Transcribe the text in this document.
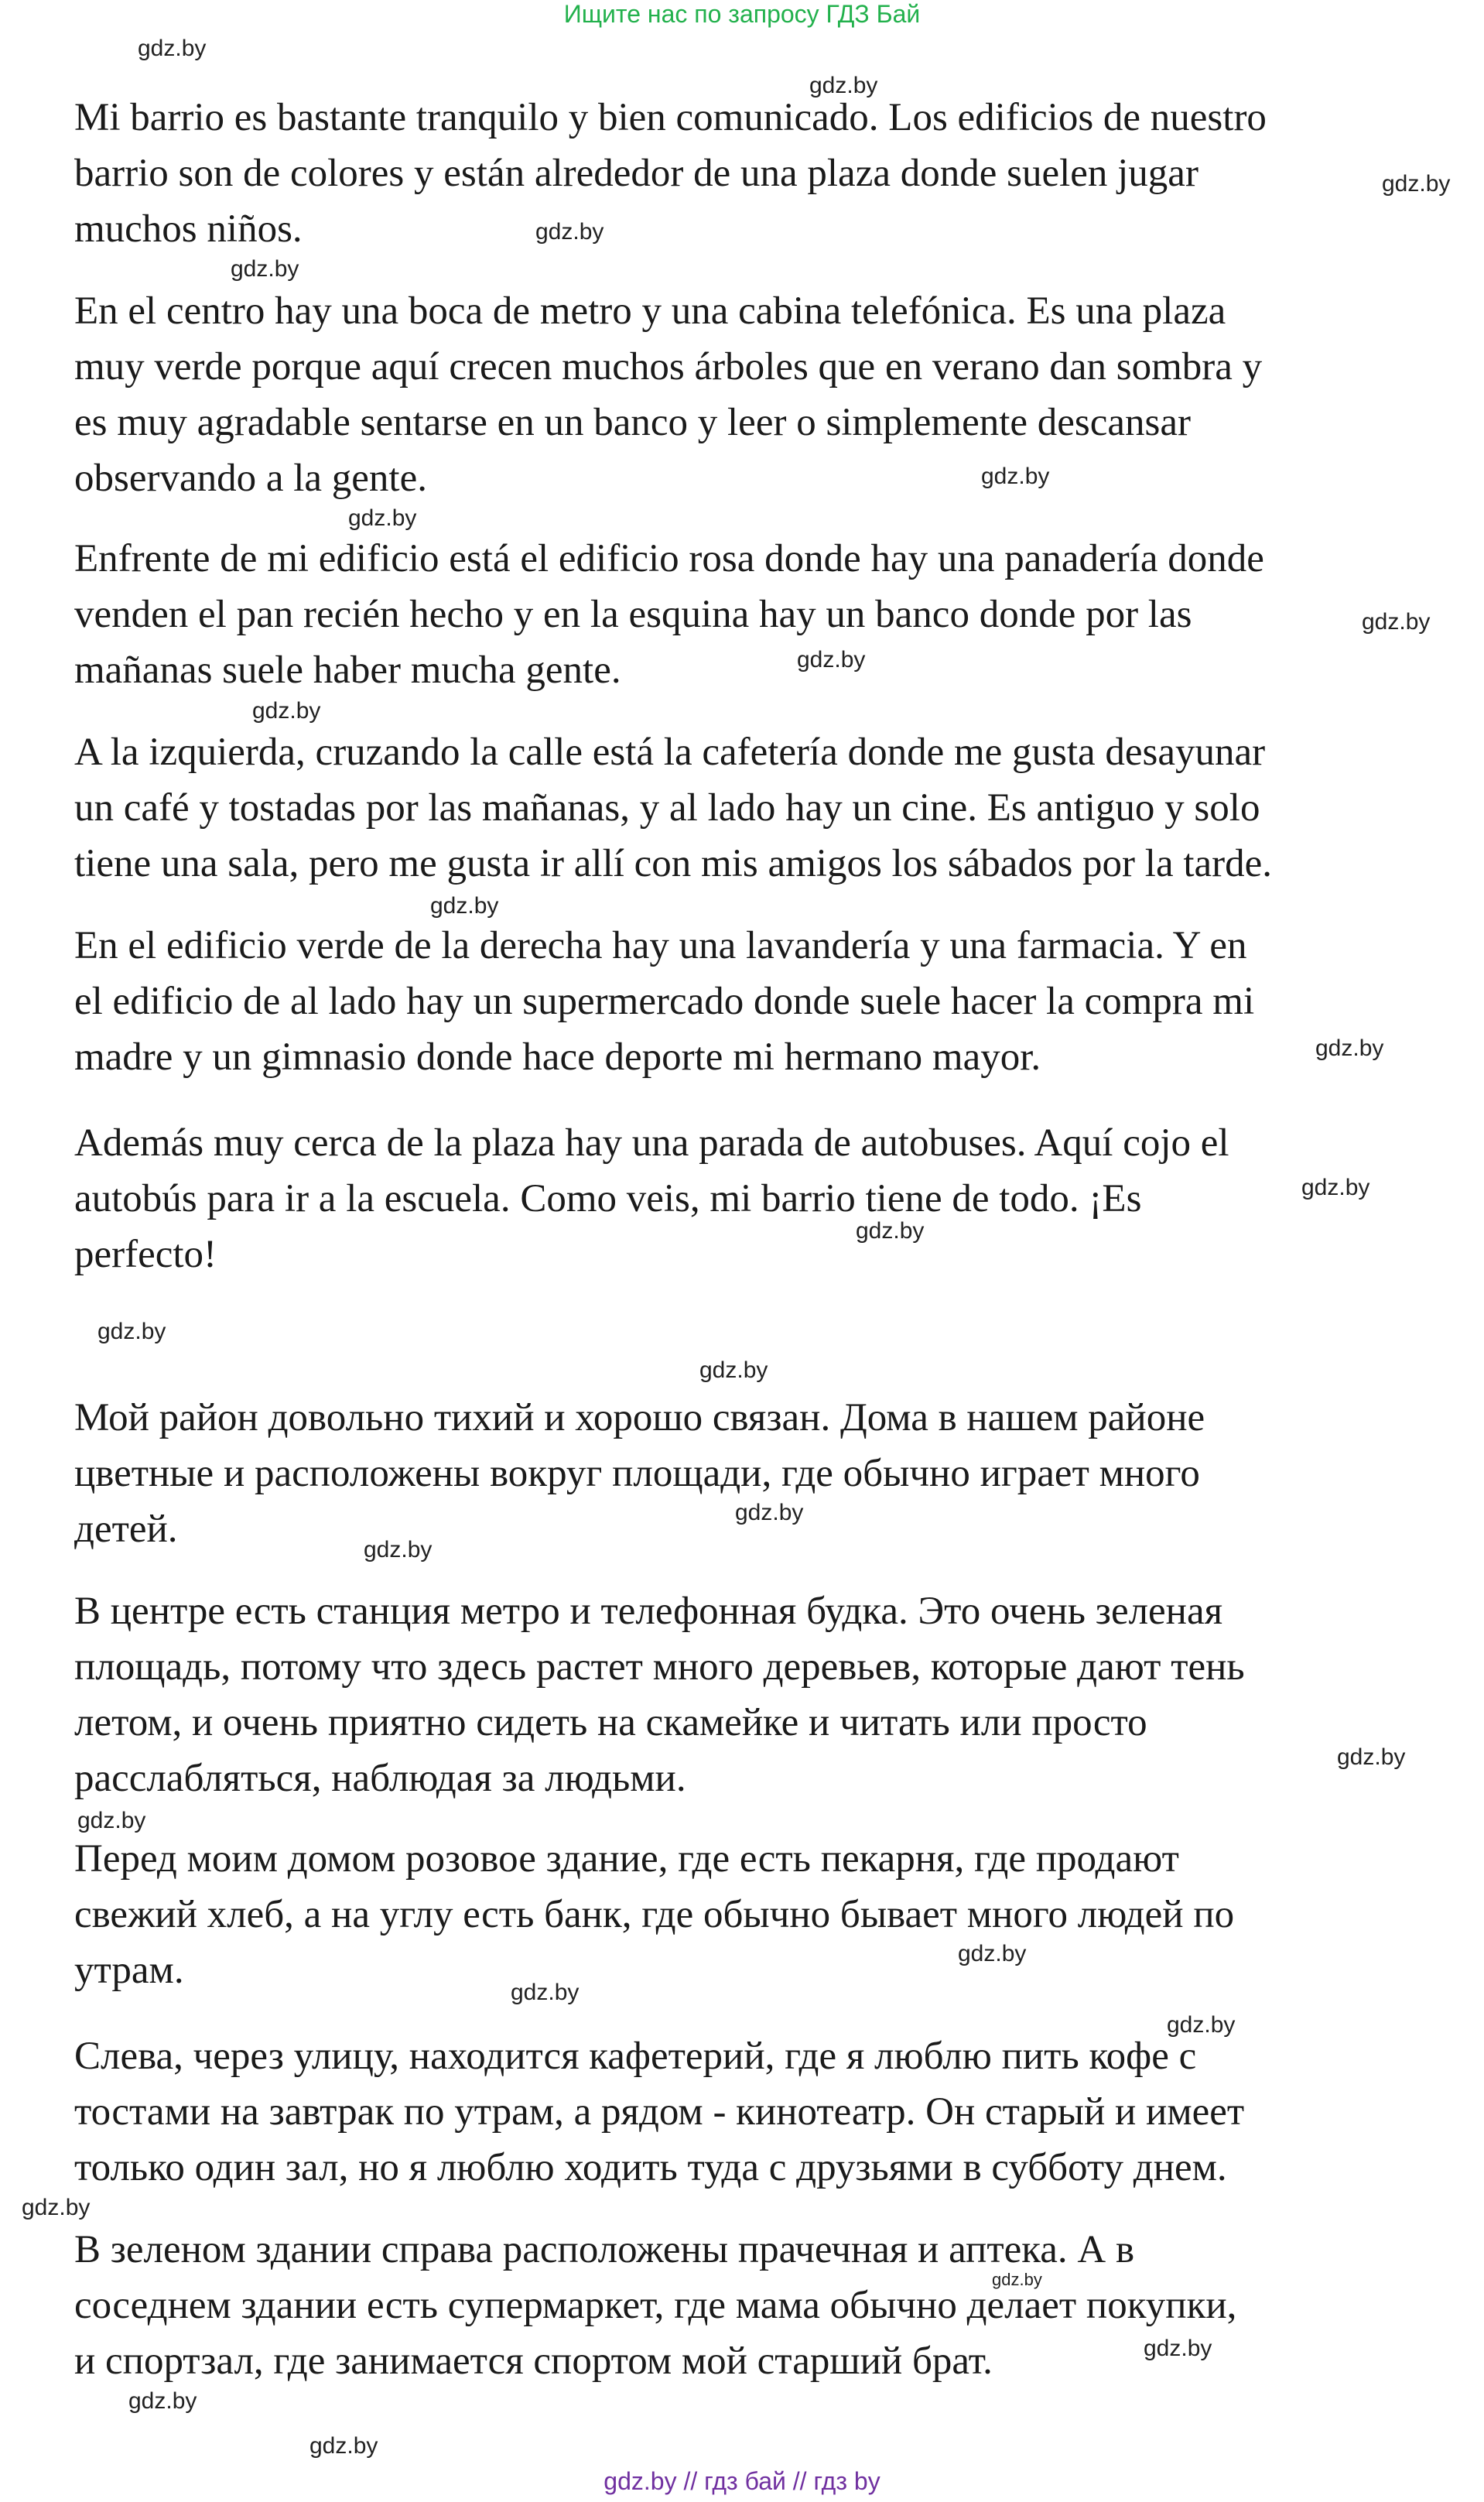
Ищите нас по запросу ГДЗ Бай

Mi barrio es bastante tranquilo y bien comunicado. Los edificios de nuestro
barrio son de colores y están alrededor de una plaza donde suelen jugar
muchos niños.

En el centro hay una boca de metro y una cabina telefónica. Es una plaza
muy verde porque aquí crecen muchos árboles que en verano dan sombra y
es muy agradable sentarse en un banco y leer o simplemente descansar
observando a la gente.

Enfrente de mi edificio está el edificio rosa donde hay una panadería donde
venden el pan recién hecho y en la esquina hay un banco donde por las
mañanas suele haber mucha gente.

A la izquierda, cruzando la calle está la cafetería donde me gusta desayunar
un café y tostadas por las mañanas, y al lado hay un cine. Es antiguo y solo
tiene una sala, pero me gusta ir allí con mis amigos los sábados por la tarde.

En el edificio verde de la derecha hay una lavandería y una farmacia. Y en
el edificio de al lado hay un supermercado donde suele hacer la compra mi
madre y un gimnasio donde hace deporte mi hermano mayor.

Además muy cerca de la plaza hay una parada de autobuses. Aquí cojo el
autobús para ir a la escuela. Como veis, mi barrio tiene de todo. ¡Es
perfecto!

Мой район довольно тихий и хорошо связан. Дома в нашем районе
цветные и расположены вокруг площади, где обычно играет много
детей.

В центре есть станция метро и телефонная будка. Это очень зеленая
площадь, потому что здесь растет много деревьев, которые дают тень
летом, и очень приятно сидеть на скамейке и читать или просто
расслабляться, наблюдая за людьми.

Перед моим домом розовое здание, где есть пекарня, где продают
свежий хлеб, а на углу есть банк, где обычно бывает много людей по
утрам.

Слева, через улицу, находится кафетерий, где я люблю пить кофе с
тостами на завтрак по утрам, а рядом - кинотеатр. Он старый и имеет
только один зал, но я люблю ходить туда с друзьями в субботу днем.

В зеленом здании справа расположены прачечная и аптека. А в
соседнем здании есть супермаркет, где мама обычно делает покупки,
и спортзал, где занимается спортом мой старший брат.

gdz.by
gdz.by
gdz.by
gdz.by
gdz.by
gdz.by
gdz.by
gdz.by
gdz.by
gdz.by
gdz.by
gdz.by
gdz.by
gdz.by
gdz.by
gdz.by
gdz.by
gdz.by
gdz.by
gdz.by
gdz.by
gdz.by
gdz.by
gdz.by
gdz.by
gdz.by
gdz.by
gdz.by
gdz.by // гдз бай // гдз by
